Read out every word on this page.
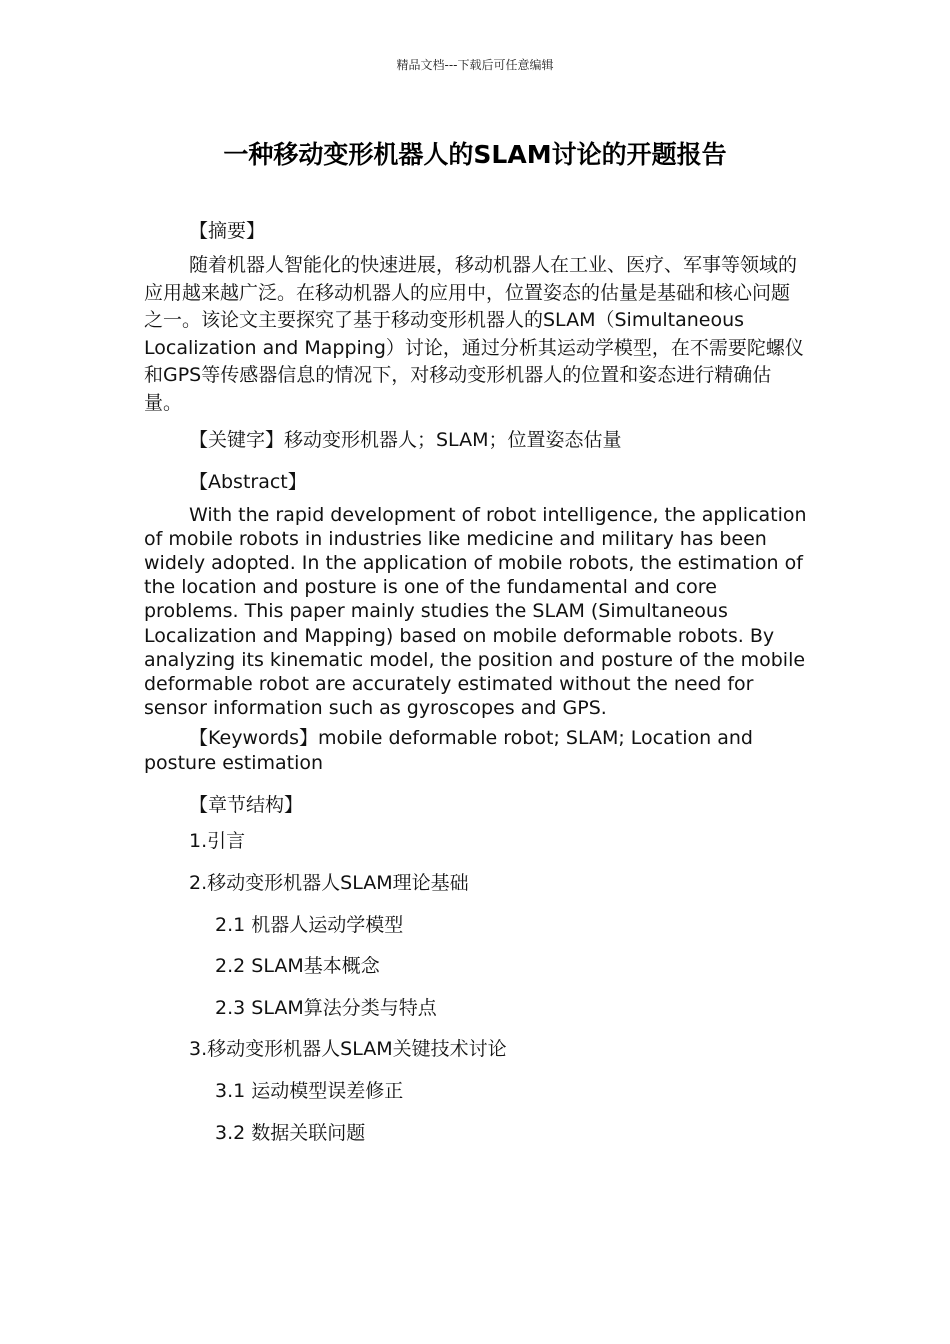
精品文档---下载后可任意编辑
一种移动变形机器人的SLAM讨论的开题报告

【摘要】

随着机器人智能化的快速进展，移动机器人在工业、医疗、军事等领域的应用越来越广泛。在移动机器人的应用中，位置姿态的估量是基础和核心问题之一。该论文主要探究了基于移动变形机器人的SLAM（Simultaneous Localization and Mapping）讨论，通过分析其运动学模型，在不需要陀螺仪和GPS等传感器信息的情况下，对移动变形机器人的位置和姿态进行精确估量。

【关键字】移动变形机器人；SLAM；位置姿态估量

【Abstract】

With the rapid development of robot intelligence, the application of mobile robots in industries like medicine and military has been widely adopted. In the application of mobile robots, the estimation of the location and posture is one of the fundamental and core problems. This paper mainly studies the SLAM (Simultaneous Localization and Mapping) based on mobile deformable robots. By analyzing its kinematic model, the position and posture of the mobile deformable robot are accurately estimated without the need for sensor information such as gyroscopes and GPS.

【Keywords】mobile deformable robot; SLAM; Location and posture estimation

【章节结构】

1.引言
2.移动变形机器人SLAM理论基础
2.1 机器人运动学模型
2.2 SLAM基本概念
2.3 SLAM算法分类与特点
3.移动变形机器人SLAM关键技术讨论
3.1 运动模型误差修正
3.2 数据关联问题
